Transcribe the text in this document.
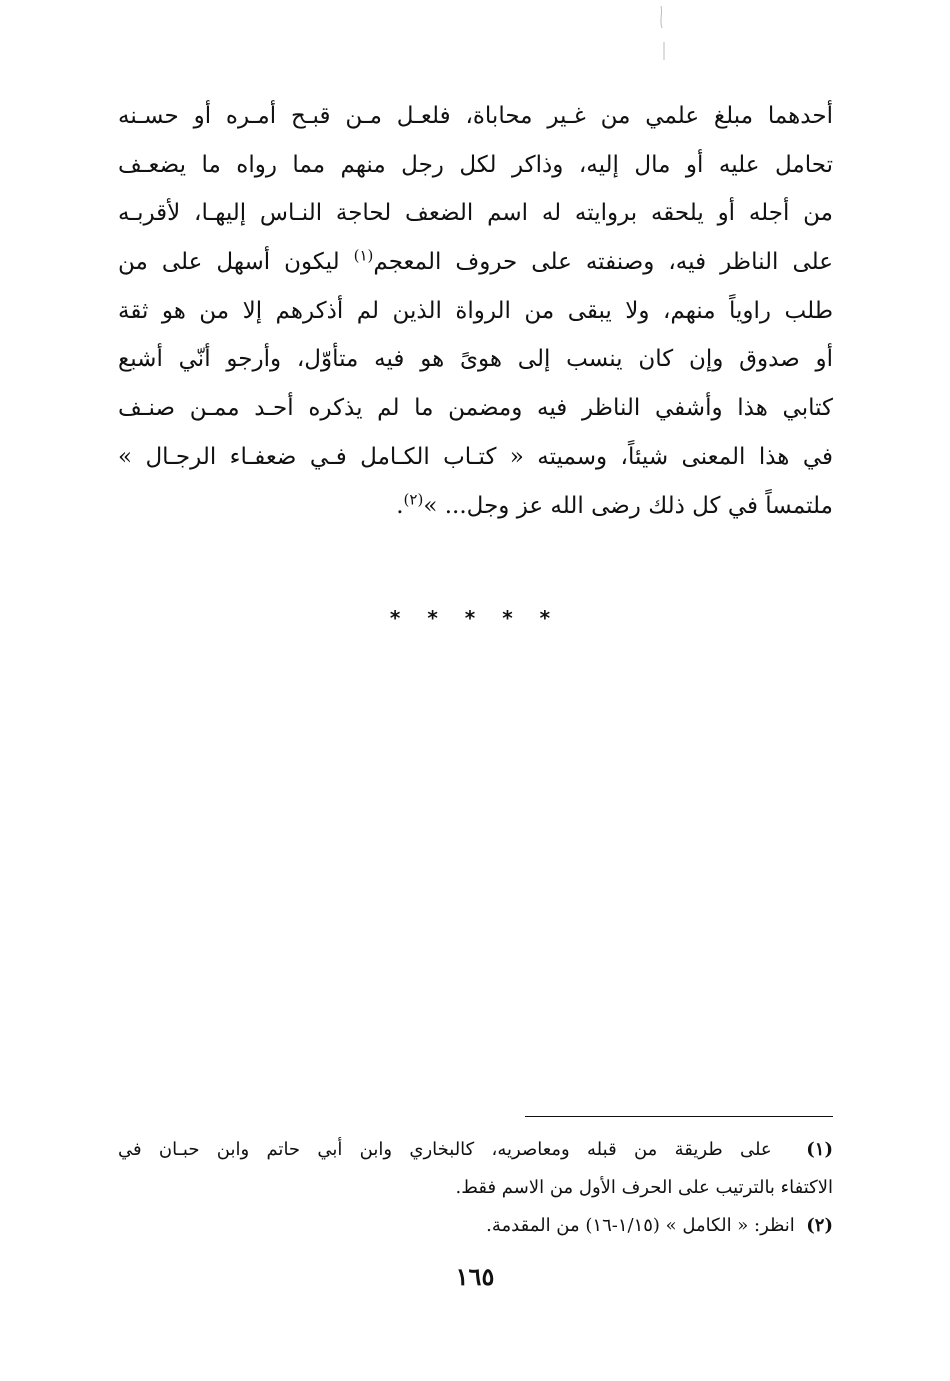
أحدهما مبلغ علمي من غـير محاباة، فلعـل مـن قبـح أمـره أو حسـنه
تحامل عليه أو مال إليه، وذاكر لكل رجل منهم مما رواه ما يضعـف
من أجله أو يلحقه بروايته له اسم الضعف لحاجة النـاس إليهـا، لأقربـه
على الناظر فيه، وصنفته على حروف المعجم$^{(١)}$ ليكون أسهل على من
طلب راوياً منهم، ولا يبقى من الرواة الذين لم أذكرهم إلا من هو ثقة
أو صدوق وإن كان ينسب إلى هوىً هو فيه متأوّل، وأرجو أنّي أشبع
كتابي هذا وأشفي الناظر فيه ومضمن ما لم يذكره أحـد ممـن صنـف
في هذا المعنى شيئاً، وسميته « كتـاب الكـامل فـي ضعفـاء الرجـال »
ملتمساً في كل ذلك رضى الله عز وجل... »$^{(٢)}$.
* * * * *
(١)  على طريقة من قبله ومعاصريه، كالبخاري وابن أبي حاتم وابن حبـان في
الاكتفاء بالترتيب على الحرف الأول من الاسم فقط.
(٢)  انظر: « الكامل » (١/١٥-١٦) من المقدمة.
١٦٥
